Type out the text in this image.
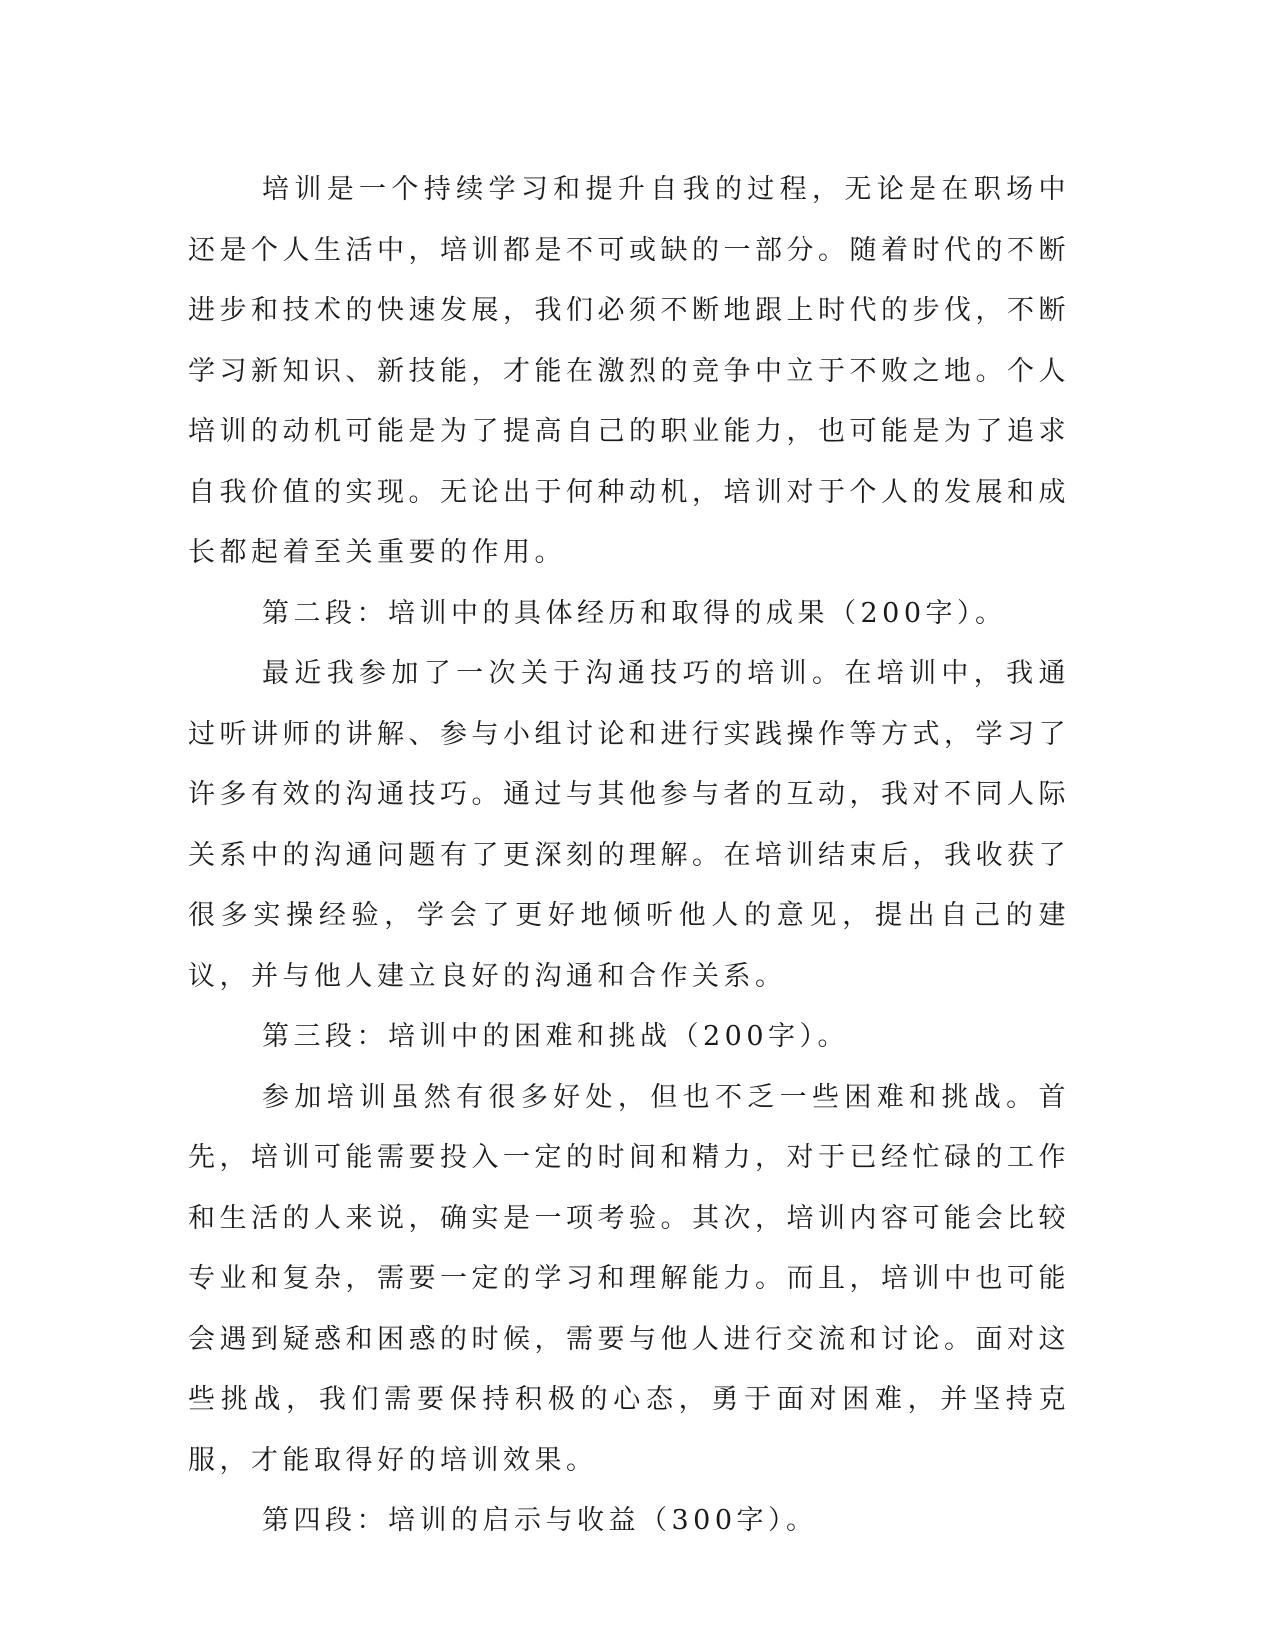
培训是一个持续学习和提升自我的过程，无论是在职场中还是个人生活中，培训都是不可或缺的一部分。随着时代的不断进步和技术的快速发展，我们必须不断地跟上时代的步伐，不断学习新知识、新技能，才能在激烈的竞争中立于不败之地。个人培训的动机可能是为了提高自己的职业能力，也可能是为了追求自我价值的实现。无论出于何种动机，培训对于个人的发展和成长都起着至关重要的作用。

第二段：培训中的具体经历和取得的成果（200字）。

最近我参加了一次关于沟通技巧的培训。在培训中，我通过听讲师的讲解、参与小组讨论和进行实践操作等方式，学习了许多有效的沟通技巧。通过与其他参与者的互动，我对不同人际关系中的沟通问题有了更深刻的理解。在培训结束后，我收获了很多实操经验，学会了更好地倾听他人的意见，提出自己的建议，并与他人建立良好的沟通和合作关系。

第三段：培训中的困难和挑战（200字）。

参加培训虽然有很多好处，但也不乏一些困难和挑战。首先，培训可能需要投入一定的时间和精力，对于已经忙碌的工作和生活的人来说，确实是一项考验。其次，培训内容可能会比较专业和复杂，需要一定的学习和理解能力。而且，培训中也可能会遇到疑惑和困惑的时候，需要与他人进行交流和讨论。面对这些挑战，我们需要保持积极的心态，勇于面对困难，并坚持克服，才能取得好的培训效果。

第四段：培训的启示与收益（300字）。
